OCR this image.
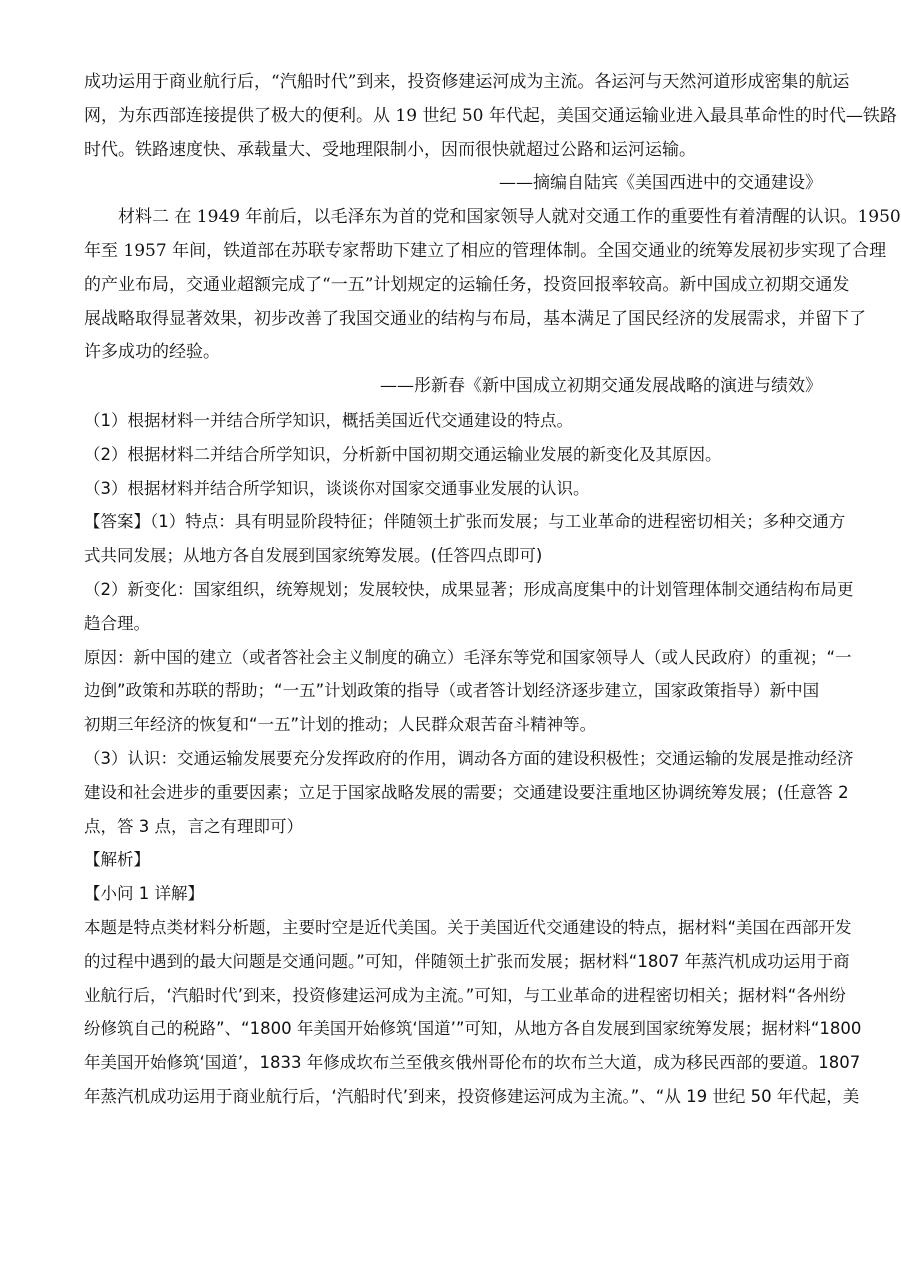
成功运用于商业航行后，“汽船时代”到来，投资修建运河成为主流。各运河与天然河道形成密集的航运

网，为东西部连接提供了极大的便利。从 19 世纪 50 年代起，美国交通运输业进入最具革命性的时代—铁路

时代。铁路速度快、承载量大、受地理限制小，因而很快就超过公路和运河运输。

——摘编自陆宾《美国西进中的交通建设》

材料二 在 1949 年前后，以毛泽东为首的党和国家领导人就对交通工作的重要性有着清醒的认识。1950

年至 1957 年间，铁道部在苏联专家帮助下建立了相应的管理体制。全国交通业的统筹发展初步实现了合理

的产业布局，交通业超额完成了“一五”计划规定的运输任务，投资回报率较高。新中国成立初期交通发

展战略取得显著效果，初步改善了我国交通业的结构与布局，基本满足了国民经济的发展需求，并留下了

许多成功的经验。

——彤新春《新中国成立初期交通发展战略的演进与绩效》

（1）根据材料一并结合所学知识，概括美国近代交通建设的特点。

（2）根据材料二并结合所学知识，分析新中国初期交通运输业发展的新变化及其原因。

（3）根据材料并结合所学知识，谈谈你对国家交通事业发展的认识。

【答案】（1）特点：具有明显阶段特征；伴随领土扩张而发展；与工业革命的进程密切相关；多种交通方

式共同发展；从地方各自发展到国家统筹发展。(任答四点即可)

（2）新变化：国家组织，统筹规划；发展较快，成果显著；形成高度集中的计划管理体制交通结构布局更

趋合理。

原因：新中国的建立（或者答社会主义制度的确立）毛泽东等党和国家领导人（或人民政府）的重视；“一

边倒”政策和苏联的帮助；“一五”计划政策的指导（或者答计划经济逐步建立，国家政策指导）新中国

初期三年经济的恢复和“一五”计划的推动；人民群众艰苦奋斗精神等。

（3）认识：交通运输发展要充分发挥政府的作用，调动各方面的建设积极性；交通运输的发展是推动经济

建设和社会进步的重要因素；立足于国家战略发展的需要；交通建设要注重地区协调统筹发展；(任意答 2

点，答 3 点，言之有理即可）

【解析】

【小问 1 详解】

本题是特点类材料分析题，主要时空是近代美国。关于美国近代交通建设的特点，据材料“美国在西部开发

的过程中遇到的最大问题是交通问题。”可知，伴随领土扩张而发展；据材料“1807 年蒸汽机成功运用于商

业航行后，‘汽船时代’到来，投资修建运河成为主流。”可知，与工业革命的进程密切相关；据材料“各州纷

纷修筑自己的税路”、“1800 年美国开始修筑‘国道’”可知，从地方各自发展到国家统筹发展；据材料“1800

年美国开始修筑‘国道’，1833 年修成坎布兰至俄亥俄州哥伦布的坎布兰大道，成为移民西部的要道。1807

年蒸汽机成功运用于商业航行后，‘汽船时代’到来，投资修建运河成为主流。”、“从 19 世纪 50 年代起，美
